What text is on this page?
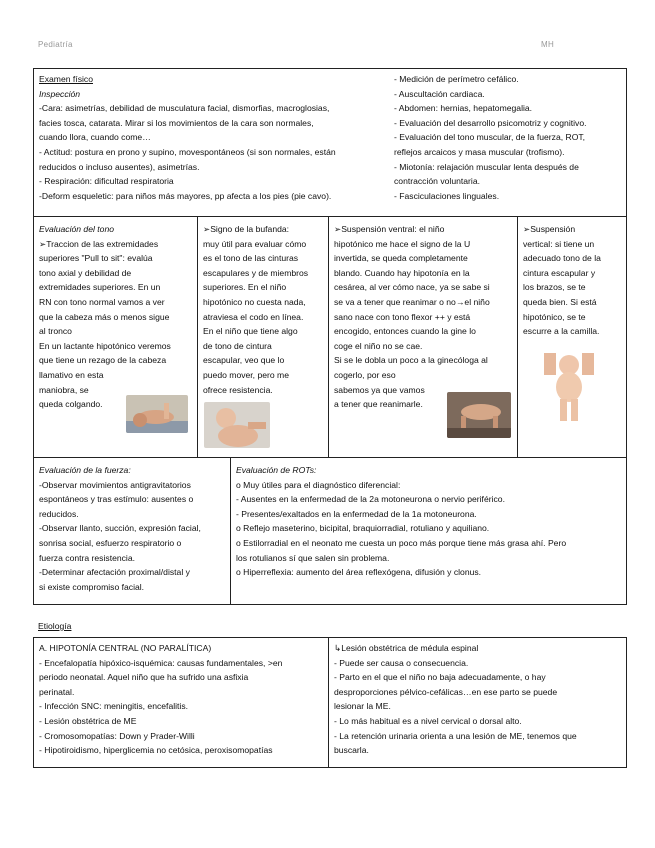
Pediatría	MH

Examen físico

Inspección

-Cara: asimetrías, debilidad de musculatura facial, dismorfias, macroglosias,

facies tosca, catarata. Mirar si los movimientos de la cara son normales,

cuando llora, cuando come…

- Actitud: postura en prono y supino, movespontáneos (si son normales, están

reducidos o incluso ausentes), asimetrías.

- Respiración: dificultad respiratoria

-Deform esqueletic: para niños más mayores, pp afecta a los pies (pie cavo).

- Medición de perímetro cefálico.

- Auscultación cardiaca.

- Abdomen: hernias, hepatomegalia.

- Evaluación del desarrollo psicomotriz y cognitivo.

- Evaluación del tono muscular, de la fuerza, ROT,

reflejos arcaicos y masa muscular (trofismo).

- Miotonía: relajación muscular lenta después de

contracción voluntaria.

- Fasciculaciones linguales.

Evaluación del tono

➢Traccion de las extremidades

superiores "Pull to sit": evalúa

tono axial y debilidad de

extremidades superiores. En un

RN con tono normal vamos a ver

que la cabeza más o menos sigue

al tronco

En un lactante hipotónico veremos

que tiene un rezago de la cabeza

llamativo en esta

maniobra, se

queda colgando.

➢Signo de la bufanda:

muy útil para evaluar cómo

es el tono de las cinturas

escapulares y de miembros

superiores. En el niño

hipotónico no cuesta nada,

atraviesa el codo en línea.

En el niño que tiene algo

de tono de cintura

escapular, veo que lo

puedo mover, pero me

ofrece resistencia.

➢Suspensión ventral: el niño

hipotónico me hace el signo de la U

invertida, se queda completamente

blando. Cuando hay hipotonía en la

cesárea, al ver cómo nace, ya se sabe si

se va a tener que reanimar o no→el niño

sano nace con tono flexor ++ y está

encogido, entonces cuando la gine lo

coge el niño no se cae.

Si se le dobla un poco a la ginecóloga al

cogerlo, por eso

sabemos ya que vamos

a tener que reanimarle.

➢Suspensión

vertical: si tiene un

adecuado tono de la

cintura escapular y

los brazos, se te

queda bien. Si está

hipotónico, se te

escurre a la camilla.

Evaluación de la fuerza:

-Observar movimientos antigravitatorios

espontáneos y tras estímulo: ausentes o

reducidos.

-Observar llanto, succión, expresión facial,

sonrisa social, esfuerzo respiratorio o

fuerza contra resistencia.

-Determinar afectación proximal/distal y

si existe compromiso facial.

Evaluación de ROTs:

o Muy útiles para el diagnóstico diferencial:

- Ausentes en la enfermedad de la 2a motoneurona o nervio periférico.

- Presentes/exaltados en la enfermedad de la 1a motoneurona.

o Reflejo maseterino, bicipital, braquiorradial, rotuliano y aquiliano.

o Estilorradial en el neonato me cuesta un poco más porque tiene más grasa ahí. Pero

los rotulianos sí que salen sin problema.

o Hiperreflexia: aumento del área reflexógena, difusión y clonus.

Etiología

A. HIPOTONÍA CENTRAL (NO PARALÍTICA)

- Encefalopatía hipóxico-isquémica: causas fundamentales, >en

periodo neonatal. Aquel niño que ha sufrido una asfixia

perinatal.

- Infección SNC: meningitis, encefalitis.

- Lesión obstétrica de ME

- Cromosomopatías: Down y Prader-Willi

- Hipotiroidismo, hiperglicemia no cetósica, peroxisomopatías

↳Lesión obstétrica de médula espinal

- Puede ser causa o consecuencia.

- Parto en el que el niño no baja adecuadamente, o hay

desproporciones pélvico-cefálicas…en ese parto se puede

lesionar la ME.

- Lo más habitual es a nivel cervical o dorsal alto.

- La retención urinaria orienta a una lesión de ME, tenemos que

buscarla.
